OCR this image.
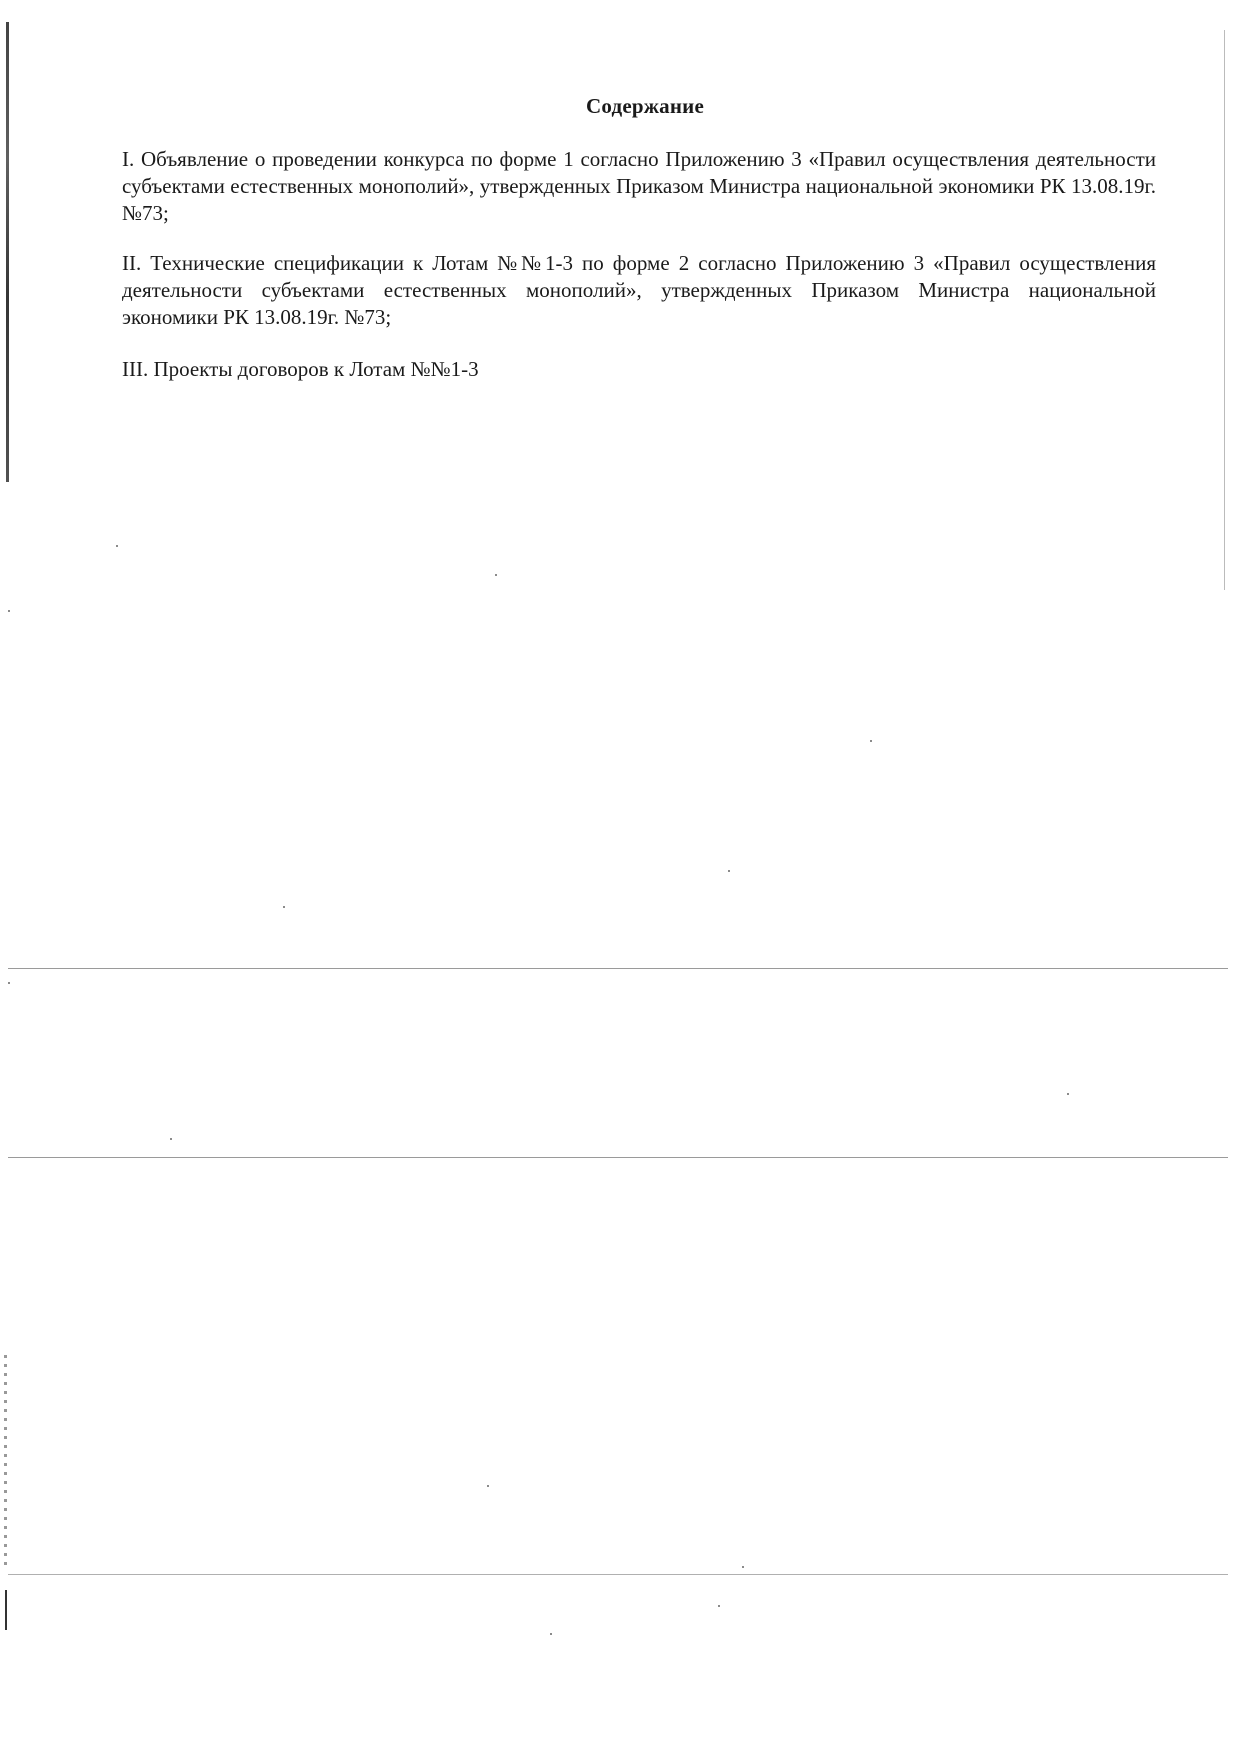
Содержание
I. Объявление о проведении конкурса по форме 1 согласно Приложению 3 «Правил осуществления деятельности субъектами естественных монополий», утвержденных Приказом Министра национальной экономики РК 13.08.19г. №73;
II. Технические спецификации к Лотам №№1-3 по форме 2 согласно Приложению 3 «Правил осуществления деятельности субъектами естественных монополий», утвержденных Приказом Министра национальной экономики РК 13.08.19г. №73;
III. Проекты договоров к Лотам №№1-3
